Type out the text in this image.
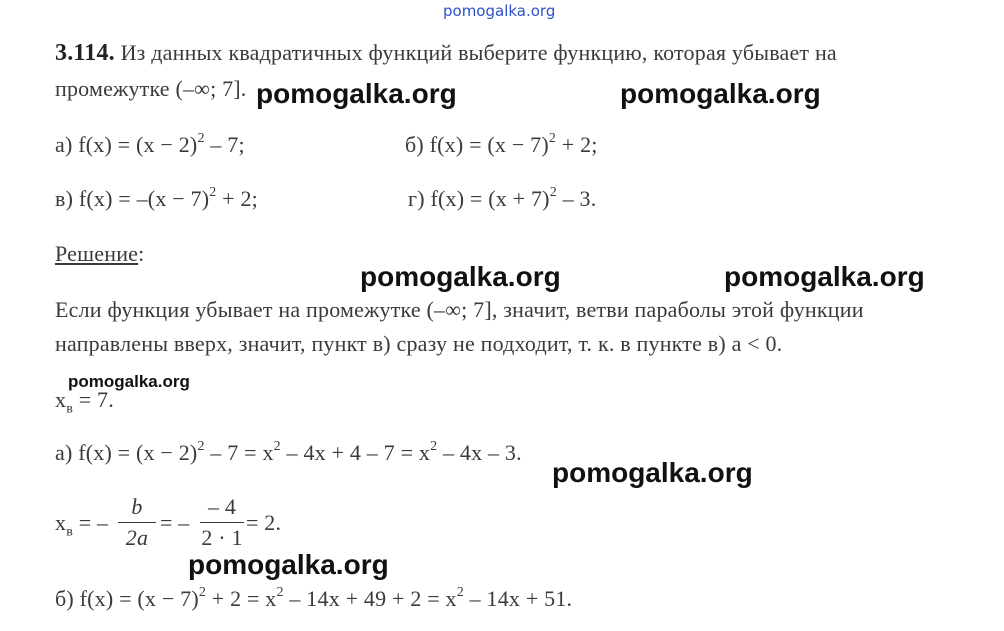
pomogalka.org
3.114. Из данных квадратичных функций выберите функцию, которая убывает на
промежутке (–∞; 7].
а) $f(x) = (x - 2)^2 - 7$;	б) $f(x) = (x - 7)^2 + 2$;
в) $f(x) = -(x - 7)^2 + 2$;	г) $f(x) = (x + 7)^2 - 3$.
Решение:
Если функция убывает на промежутке (–∞; 7], значит, ветви параболы этой функции
направлены вверх, значит, пункт в) сразу не подходит, т. к. в пункте в) a < 0.
$x_в = 7$.
а) $f(x) = (x - 2)^2 - 7 = x^2 - 4x + 4 - 7 = x^2 - 4x - 3$.
$x_в$ = –
b
2a
= –
– 4
2 · 1
= 2.
б) $f(x) = (x - 7)^2 + 2 = x^2 - 14x + 49 + 2 = x^2 - 14x + 51$.
pomogalka.org	pomogalka.org
pomogalka.org	pomogalka.org
pomogalka.org
pomogalka.org
pomogalka.org
